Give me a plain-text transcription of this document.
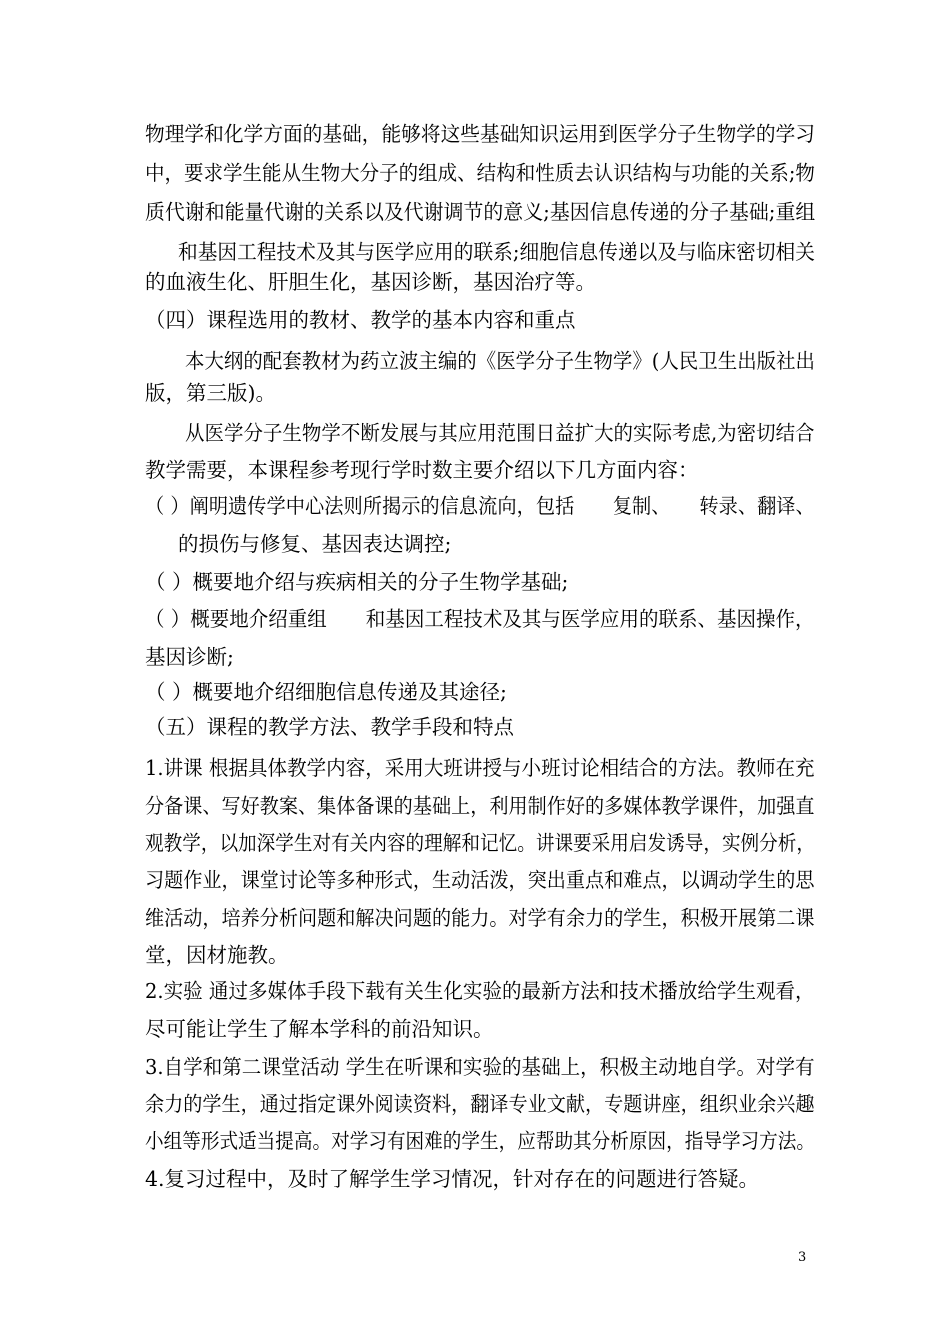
物理学和化学方面的基础，能够将这些基础知识运用到医学分子生物学的学习
中，要求学生能从生物大分子的组成、结构和性质去认识结构与功能的关系;物
质代谢和能量代谢的关系以及代谢调节的意义;基因信息传递的分子基础;重组
和基因工程技术及其与医学应用的联系;细胞信息传递以及与临床密切相关
的血液生化、肝胆生化，基因诊断，基因治疗等。
（四）课程选用的教材、教学的基本内容和重点
本大纲的配套教材为药立波主编的《医学分子生物学》(人民卫生出版社出
版，第三版)。
从医学分子生物学不断发展与其应用范围日益扩大的实际考虑,为密切结合
教学需要，本课程参考现行学时数主要介绍以下几方面内容：
（ ）阐明遗传学中心法则所揭示的信息流向，包括　　复制、　　转录、翻译、
的损伤与修复、基因表达调控;
（ ）概要地介绍与疾病相关的分子生物学基础;
（ ）概要地介绍重组　　和基因工程技术及其与医学应用的联系、基因操作，
基因诊断;
（ ）概要地介绍细胞信息传递及其途径;
（五）课程的教学方法、教学手段和特点
1.讲课 根据具体教学内容，采用大班讲授与小班讨论相结合的方法。教师在充
分备课、写好教案、集体备课的基础上，利用制作好的多媒体教学课件，加强直
观教学，以加深学生对有关内容的理解和记忆。讲课要采用启发诱导，实例分析，
习题作业，课堂讨论等多种形式，生动活泼，突出重点和难点，以调动学生的思
维活动，培养分析问题和解决问题的能力。对学有余力的学生，积极开展第二课
堂，因材施教。
2.实验 通过多媒体手段下载有关生化实验的最新方法和技术播放给学生观看，
尽可能让学生了解本学科的前沿知识。
3.自学和第二课堂活动 学生在听课和实验的基础上，积极主动地自学。对学有
余力的学生，通过指定课外阅读资料，翻译专业文献，专题讲座，组织业余兴趣
小组等形式适当提高。对学习有困难的学生，应帮助其分析原因，指导学习方法。
4.复习过程中，及时了解学生学习情况，针对存在的问题进行答疑。
3
